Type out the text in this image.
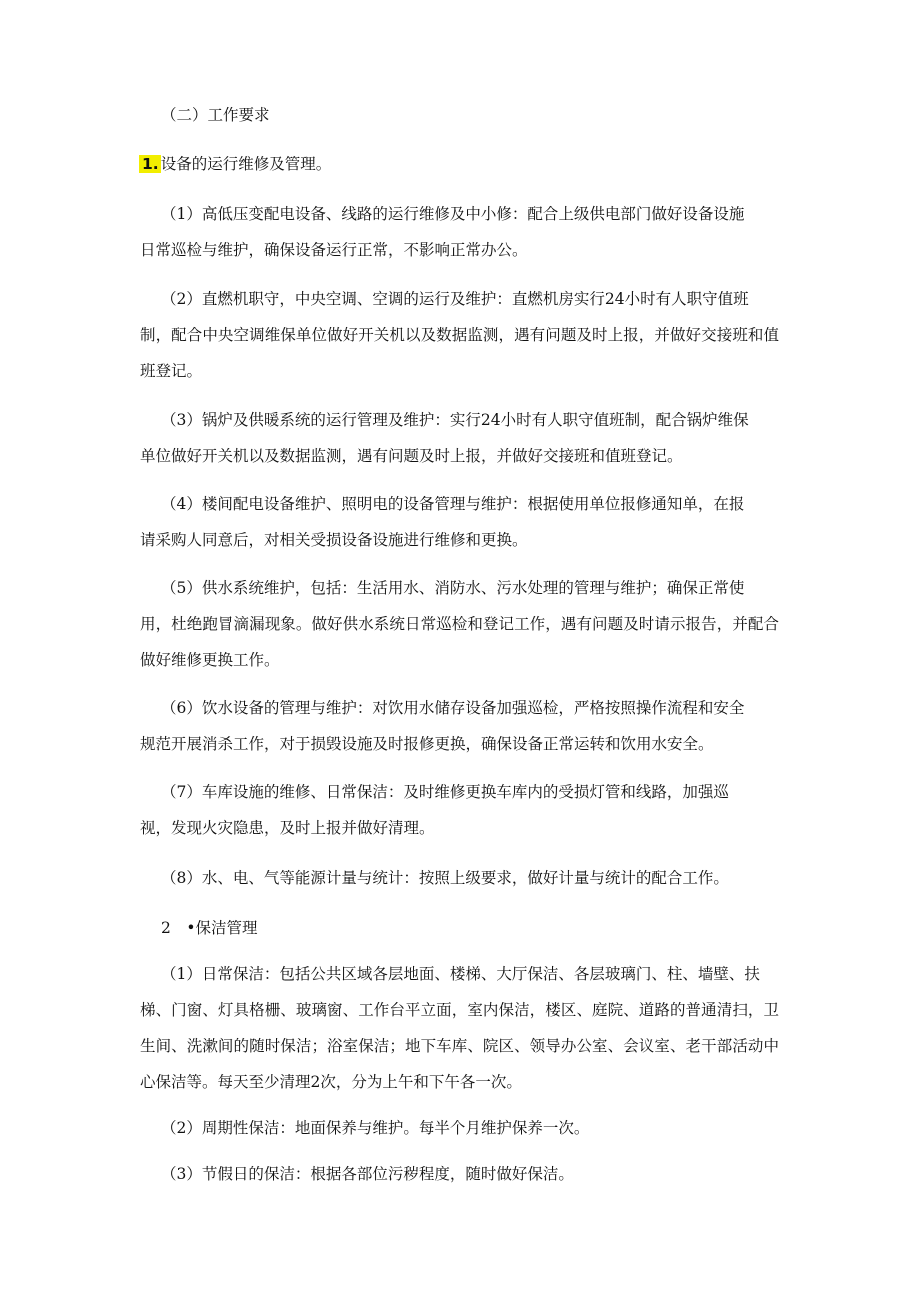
（二）工作要求
1. 设备的运行维修及管理。
（1）高低压变配电设备、线路的运行维修及中小修：配合上级供电部门做好设备设施
日常巡检与维护，确保设备运行正常，不影响正常办公。
（2）直燃机职守，中央空调、空调的运行及维护：直燃机房实行24小时有人职守值班
制，配合中央空调维保单位做好开关机以及数据监测，遇有问题及时上报，并做好交接班和值
班登记。
（3）锅炉及供暖系统的运行管理及维护：实行24小时有人职守值班制，配合锅炉维保
单位做好开关机以及数据监测，遇有问题及时上报，并做好交接班和值班登记。
（4）楼间配电设备维护、照明电的设备管理与维护：根据使用单位报修通知单，在报
请采购人同意后，对相关受损设备设施进行维修和更换。
（5）供水系统维护，包括：生活用水、消防水、污水处理的管理与维护；确保正常使
用，杜绝跑冒滴漏现象。做好供水系统日常巡检和登记工作，遇有问题及时请示报告，并配合
做好维修更换工作。
（6）饮水设备的管理与维护：对饮用水储存设备加强巡检，严格按照操作流程和安全
规范开展消杀工作，对于损毁设施及时报修更换，确保设备正常运转和饮用水安全。
（7）车库设施的维修、日常保洁：及时维修更换车库内的受损灯管和线路，加强巡
视，发现火灾隐患，及时上报并做好清理。
（8）水、电、气等能源计量与统计：按照上级要求，做好计量与统计的配合工作。
2　•保洁管理
（1）日常保洁：包括公共区域各层地面、楼梯、大厅保洁、各层玻璃门、柱、墙壁、扶
梯、门窗、灯具格栅、玻璃窗、工作台平立面，室内保洁，楼区、庭院、道路的普通清扫，卫
生间、洗漱间的随时保洁；浴室保洁；地下车库、院区、领导办公室、会议室、老干部活动中
心保洁等。每天至少清理2次，分为上午和下午各一次。
（2）周期性保洁：地面保养与维护。每半个月维护保养一次。
（3）节假日的保洁：根据各部位污秽程度，随时做好保洁。
